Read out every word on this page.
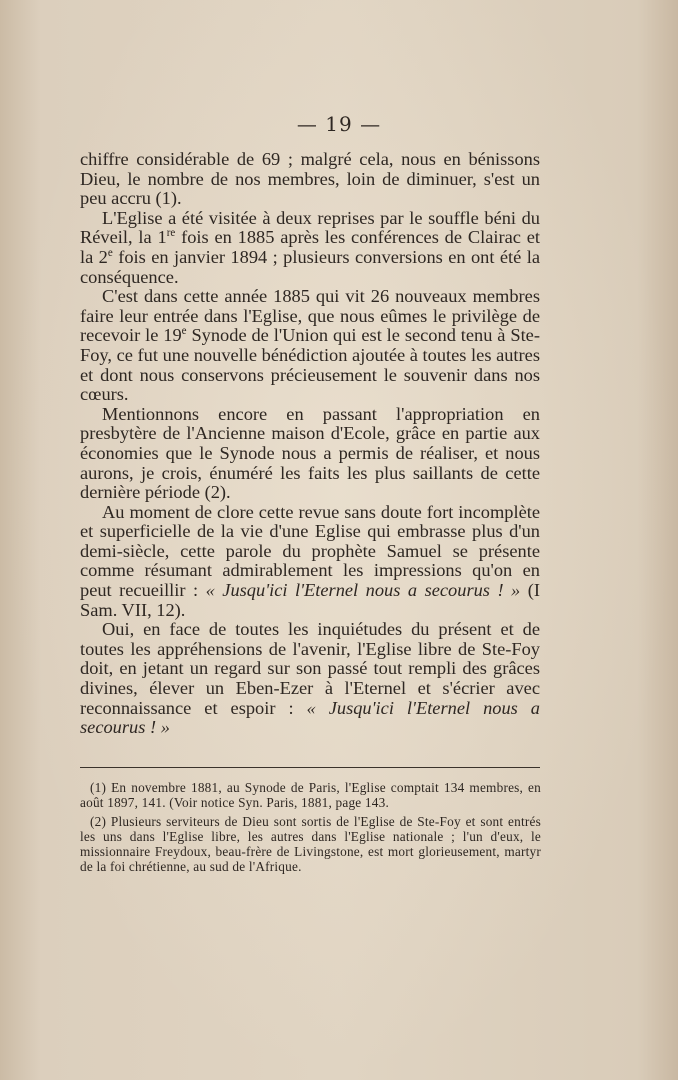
— 19 —

chiffre considérable de 69 ; malgré cela, nous en bénissons Dieu, le nombre de nos membres, loin de diminuer, s'est un peu accru (1).

L'Eglise a été visitée à deux reprises par le souffle béni du Réveil, la 1re fois en 1885 après les conférences de Clairac et la 2e fois en janvier 1894 ; plusieurs conversions en ont été la conséquence.

C'est dans cette année 1885 qui vit 26 nouveaux membres faire leur entrée dans l'Eglise, que nous eûmes le privilège de recevoir le 19e Synode de l'Union qui est le second tenu à Ste-Foy, ce fut une nouvelle bénédiction ajoutée à toutes les autres et dont nous conservons précieusement le souvenir dans nos cœurs.

Mentionnons encore en passant l'appropriation en presbytère de l'Ancienne maison d'Ecole, grâce en partie aux économies que le Synode nous a permis de réaliser, et nous aurons, je crois, énuméré les faits les plus saillants de cette dernière période (2).

Au moment de clore cette revue sans doute fort incomplète et superficielle de la vie d'une Eglise qui embrasse plus d'un demi-siècle, cette parole du prophète Samuel se présente comme résumant admirablement les impressions qu'on en peut recueillir : « Jusqu'ici l'Eternel nous a secourus ! » (I Sam. VII, 12).

Oui, en face de toutes les inquiétudes du présent et de toutes les appréhensions de l'avenir, l'Eglise libre de Ste-Foy doit, en jetant un regard sur son passé tout rempli des grâces divines, élever un Eben-Ezer à l'Eternel et s'écrier avec reconnaissance et espoir : « Jusqu'ici l'Eternel nous a secourus ! »

(1) En novembre 1881, au Synode de Paris, l'Eglise comptait 134 membres, en août 1897, 141. (Voir notice Syn. Paris, 1881, page 143.

(2) Plusieurs serviteurs de Dieu sont sortis de l'Eglise de Ste-Foy et sont entrés les uns dans l'Eglise libre, les autres dans l'Eglise nationale ; l'un d'eux, le missionnaire Freydoux, beau-frère de Livingstone, est mort glorieusement, martyr de la foi chrétienne, au sud de l'Afrique.
